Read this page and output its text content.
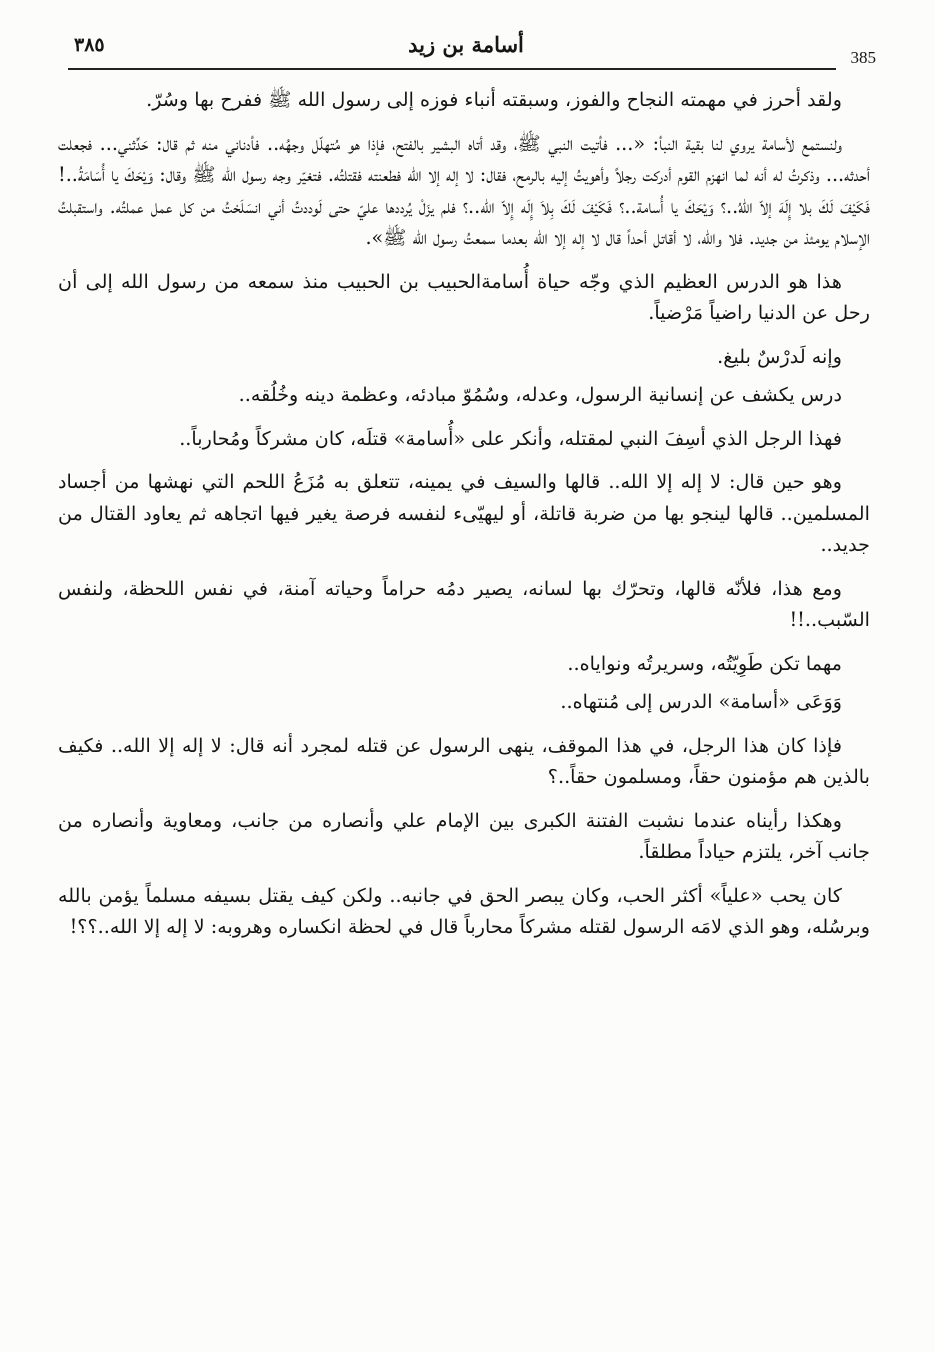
٣٨٥	أسامة بن زيد
385

ولقد أحرز في مهمته النجاح والفوز، وسبقته أنباء فوزه إلى رسول الله ﷺ ففرح بها وسُرّ.

ولنستمع لأسامة يروي لنا بقية النبأ: «... فأتيت النبي ﷺ، وقد أتاه البشير بالفتح، فإذا هو مُتهلّل وجهُه.. فأدناني منه ثم قال: حَدِّثني... فجعلت أحدثه... وذكرتُ له أنه لما انهزم القوم أدركت رجلاً وأهويتُ إليه بالرمح، فقال: لا إله إلا الله فطعنته فقتلتُه. فتغيّر وجه رسول الله ﷺ وقال: وَيْحَكَ يا أُسَامَةُ..! فَكَيْفَ لَكَ بلا إِلَهَ إلاّ اللهُ..؟ وَيْحَكَ يا أُسامة..؟ فَكَيْفَ لَكَ بِلاَ إِلَه إِلاّ الله..؟ فلم يزَلْ يُرددها عليّ حتى لَوددتُ أني انسَلَختُ من كل عمل عملتُه. واستقبلتُ الإسلام يومئذ من جديد. فلا والله، لا أقاتل أحداً قال لا إله إلا الله بعدما سمعتُ رسول الله ﷺ».

هذا هو الدرس العظيم الذي وجّه حياة أُسامةالحبيب بن الحبيب منذ سمعه من رسول الله إلى أن رحل عن الدنيا راضياً مَرْضياً.

وإنه لَدرْسٌ بليغ.

درس يكشف عن إنسانية الرسول، وعدله، وسُمُوّ مبادئه، وعظمة دينه وخُلُقه..

فهذا الرجل الذي أسِفَ النبي لمقتله، وأنكر على «أُسامة» قتلَه، كان مشركاً ومُحارباً..

وهو حين قال: لا إله إلا الله.. قالها والسيف في يمينه، تتعلق به مُزَعُ اللحم التي نهشها من أجساد المسلمين.. قالها لينجو بها من ضربة قاتلة، أو ليهيّىء لنفسه فرصة يغير فيها اتجاهه ثم يعاود القتال من جديد..

ومع هذا، فلأنّه قالها، وتحرّك بها لسانه، يصير دمُه حراماً وحياته آمنة، في نفس اللحظة، ولنفس السّبب..!!

مهما تكن طَوِيّتُه، وسريرتُه ونواياه..

وَوَعَى «أسامة» الدرس إلى مُنتهاه..

فإذا كان هذا الرجل، في هذا الموقف، ينهى الرسول عن قتله لمجرد أنه قال: لا إله إلا الله.. فكيف بالذين هم مؤمنون حقاً، ومسلمون حقاً..؟

وهكذا رأيناه عندما نشبت الفتنة الكبرى بين الإمام علي وأنصاره من جانب، ومعاوية وأنصاره من جانب آخر، يلتزم حياداً مطلقاً.

كان يحب «علياً» أكثر الحب، وكان يبصر الحق في جانبه.. ولكن كيف يقتل بسيفه مسلماً يؤمن بالله وبرسُله، وهو الذي لامَه الرسول لقتله مشركاً محارباً قال في لحظة انكساره وهروبه: لا إله إلا الله..؟؟!
